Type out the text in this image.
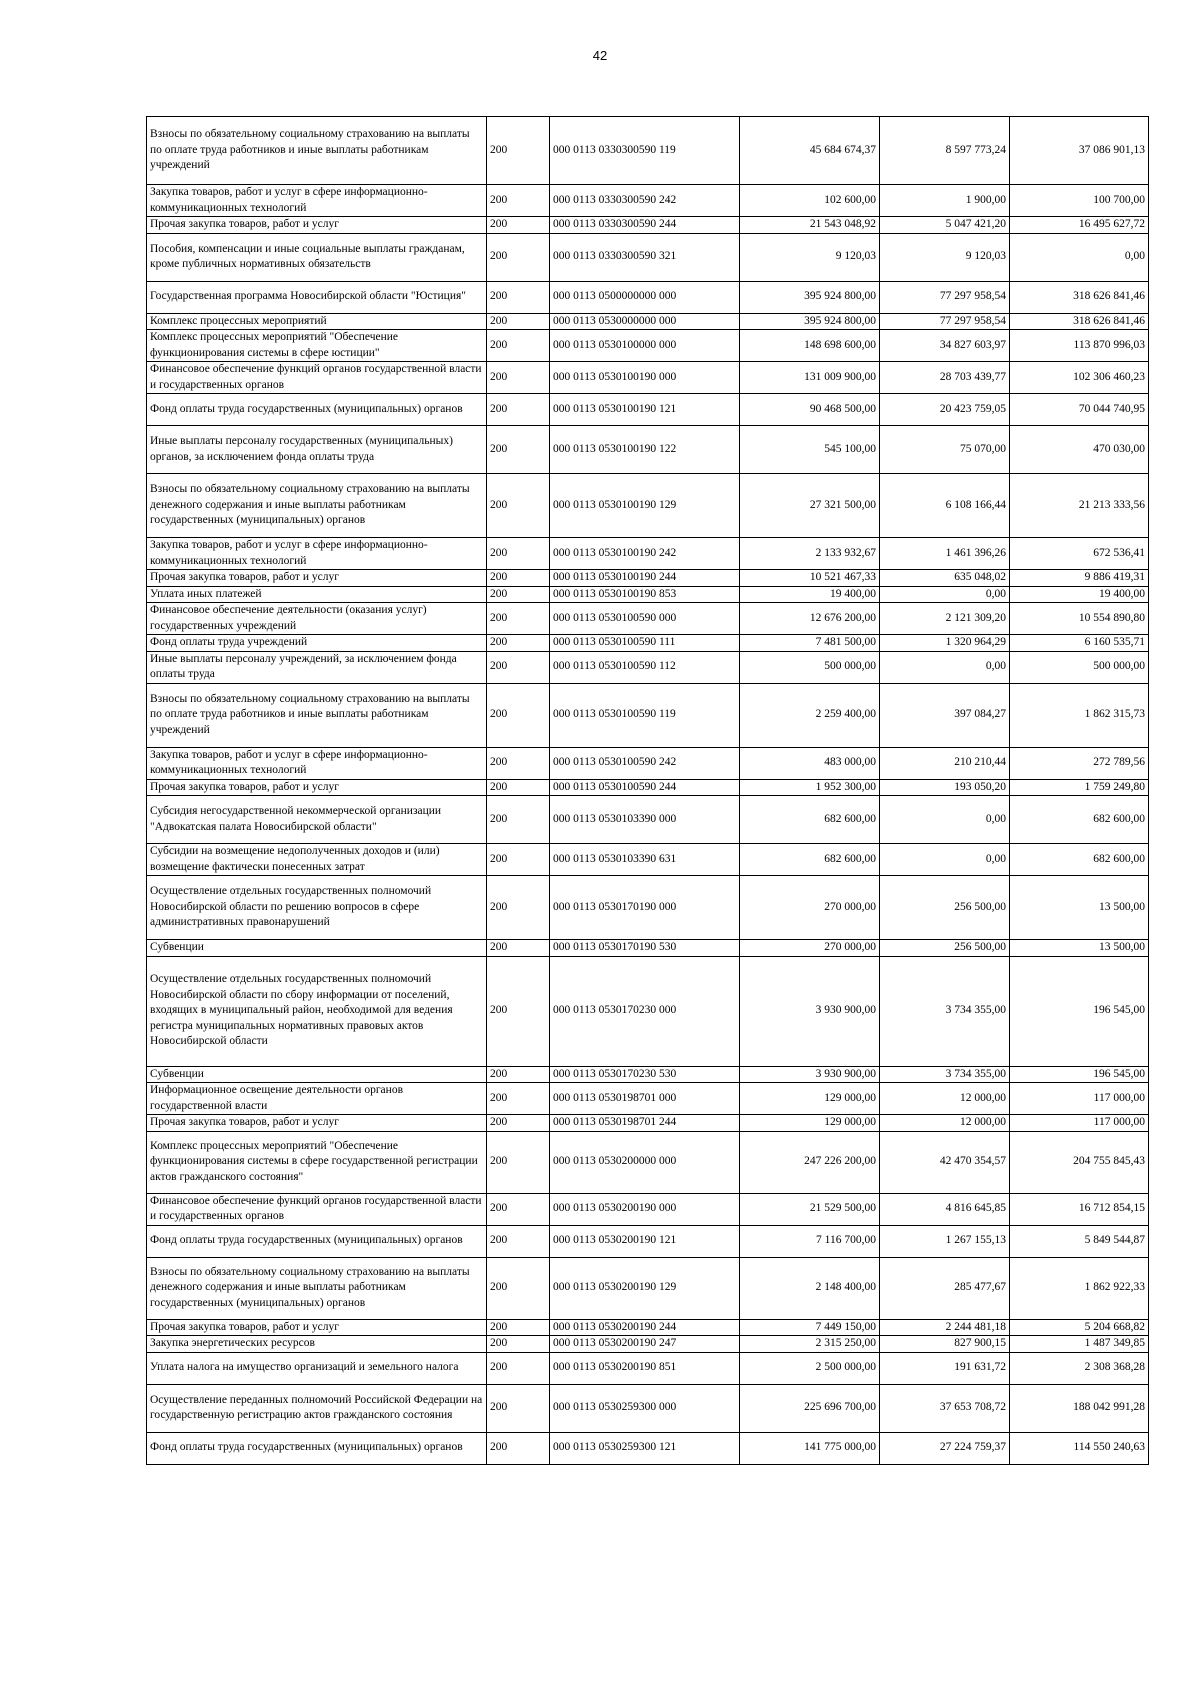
42
Взносы по обязательному социальному страхованию на выплаты по оплате труда работников и иные выплаты работникам учреждений	200	000 0113 0330300590 119	45 684 674,37	8 597 773,24	37 086 901,13
Закупка товаров, работ и услуг в сфере информационно-коммуникационных технологий	200	000 0113 0330300590 242	102 600,00	1 900,00	100 700,00
Прочая закупка товаров, работ и услуг	200	000 0113 0330300590 244	21 543 048,92	5 047 421,20	16 495 627,72
Пособия, компенсации и иные социальные выплаты гражданам, кроме публичных нормативных обязательств	200	000 0113 0330300590 321	9 120,03	9 120,03	0,00
Государственная программа Новосибирской области "Юстиция"	200	000 0113 0500000000 000	395 924 800,00	77 297 958,54	318 626 841,46
Комплекс процессных мероприятий	200	000 0113 0530000000 000	395 924 800,00	77 297 958,54	318 626 841,46
Комплекс процессных мероприятий "Обеспечение функционирования системы в сфере юстиции"	200	000 0113 0530100000 000	148 698 600,00	34 827 603,97	113 870 996,03
Финансовое обеспечение функций органов государственной власти и государственных органов	200	000 0113 0530100190 000	131 009 900,00	28 703 439,77	102 306 460,23
Фонд оплаты труда государственных (муниципальных) органов	200	000 0113 0530100190 121	90 468 500,00	20 423 759,05	70 044 740,95
Иные выплаты персоналу государственных (муниципальных) органов, за исключением фонда оплаты труда	200	000 0113 0530100190 122	545 100,00	75 070,00	470 030,00
Взносы по обязательному социальному страхованию на выплаты денежного содержания и иные выплаты работникам государственных (муниципальных) органов	200	000 0113 0530100190 129	27 321 500,00	6 108 166,44	21 213 333,56
Закупка товаров, работ и услуг в сфере информационно-коммуникационных технологий	200	000 0113 0530100190 242	2 133 932,67	1 461 396,26	672 536,41
Прочая закупка товаров, работ и услуг	200	000 0113 0530100190 244	10 521 467,33	635 048,02	9 886 419,31
Уплата иных платежей	200	000 0113 0530100190 853	19 400,00	0,00	19 400,00
Финансовое обеспечение деятельности (оказания услуг) государственных учреждений	200	000 0113 0530100590 000	12 676 200,00	2 121 309,20	10 554 890,80
Фонд оплаты труда учреждений	200	000 0113 0530100590 111	7 481 500,00	1 320 964,29	6 160 535,71
Иные выплаты персоналу учреждений, за исключением фонда оплаты труда	200	000 0113 0530100590 112	500 000,00	0,00	500 000,00
Взносы по обязательному социальному страхованию на выплаты по оплате труда работников и иные выплаты работникам учреждений	200	000 0113 0530100590 119	2 259 400,00	397 084,27	1 862 315,73
Закупка товаров, работ и услуг в сфере информационно-коммуникационных технологий	200	000 0113 0530100590 242	483 000,00	210 210,44	272 789,56
Прочая закупка товаров, работ и услуг	200	000 0113 0530100590 244	1 952 300,00	193 050,20	1 759 249,80
Субсидия негосударственной некоммерческой организации "Адвокатская палата Новосибирской области"	200	000 0113 0530103390 000	682 600,00	0,00	682 600,00
Субсидии на возмещение недополученных доходов и (или) возмещение фактически понесенных затрат	200	000 0113 0530103390 631	682 600,00	0,00	682 600,00
Осуществление отдельных государственных полномочий Новосибирской области по решению вопросов в сфере административных правонарушений	200	000 0113 0530170190 000	270 000,00	256 500,00	13 500,00
Субвенции	200	000 0113 0530170190 530	270 000,00	256 500,00	13 500,00
Осуществление отдельных государственных полномочий Новосибирской области по сбору информации от поселений, входящих в муниципальный район, необходимой для ведения регистра муниципальных нормативных правовых актов Новосибирской области	200	000 0113 0530170230 000	3 930 900,00	3 734 355,00	196 545,00
Субвенции	200	000 0113 0530170230 530	3 930 900,00	3 734 355,00	196 545,00
Информационное освещение деятельности органов государственной власти	200	000 0113 0530198701 000	129 000,00	12 000,00	117 000,00
Прочая закупка товаров, работ и услуг	200	000 0113 0530198701 244	129 000,00	12 000,00	117 000,00
Комплекс процессных мероприятий "Обеспечение функционирования системы в сфере государственной регистрации актов гражданского состояния"	200	000 0113 0530200000 000	247 226 200,00	42 470 354,57	204 755 845,43
Финансовое обеспечение функций органов государственной власти и государственных органов	200	000 0113 0530200190 000	21 529 500,00	4 816 645,85	16 712 854,15
Фонд оплаты труда государственных (муниципальных) органов	200	000 0113 0530200190 121	7 116 700,00	1 267 155,13	5 849 544,87
Взносы по обязательному социальному страхованию на выплаты денежного содержания и иные выплаты работникам государственных (муниципальных) органов	200	000 0113 0530200190 129	2 148 400,00	285 477,67	1 862 922,33
Прочая закупка товаров, работ и услуг	200	000 0113 0530200190 244	7 449 150,00	2 244 481,18	5 204 668,82
Закупка энергетических ресурсов	200	000 0113 0530200190 247	2 315 250,00	827 900,15	1 487 349,85
Уплата налога на имущество организаций и земельного налога	200	000 0113 0530200190 851	2 500 000,00	191 631,72	2 308 368,28
Осуществление переданных полномочий Российской Федерации на государственную регистрацию актов гражданского состояния	200	000 0113 0530259300 000	225 696 700,00	37 653 708,72	188 042 991,28
Фонд оплаты труда государственных (муниципальных) органов	200	000 0113 0530259300 121	141 775 000,00	27 224 759,37	114 550 240,63
